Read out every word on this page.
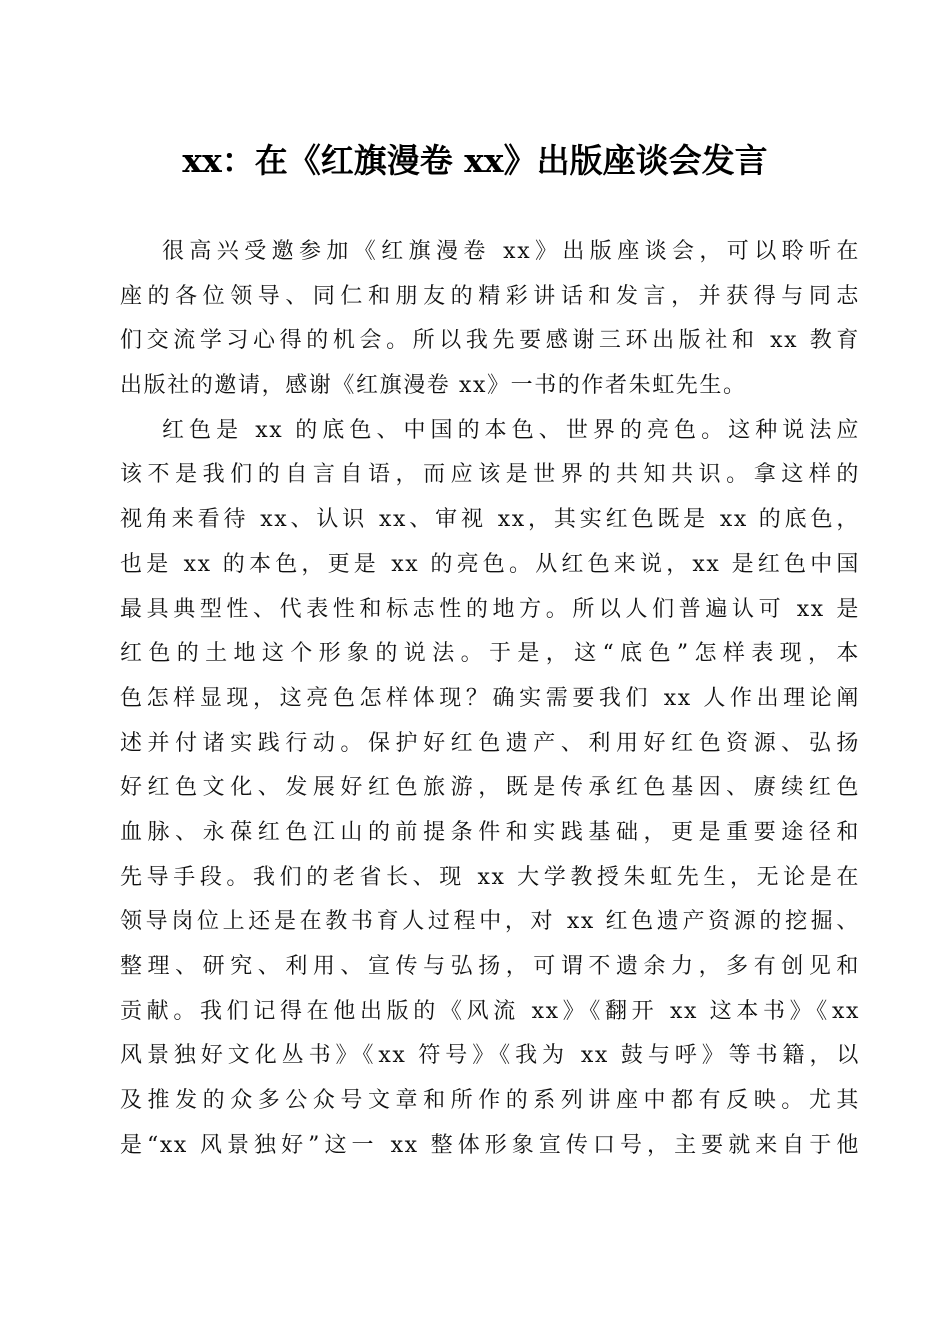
xx：在《红旗漫卷 xx》出版座谈会发言
很高兴受邀参加《红旗漫卷 xx》出版座谈会，可以聆听在
座的各位领导、同仁和朋友的精彩讲话和发言，并获得与同志
们交流学习心得的机会。所以我先要感谢三环出版社和 xx 教育
出版社的邀请，感谢《红旗漫卷 xx》一书的作者朱虹先生。
红色是 xx 的底色、中国的本色、世界的亮色。这种说法应
该不是我们的自言自语，而应该是世界的共知共识。拿这样的
视角来看待 xx、认识 xx、审视 xx，其实红色既是 xx 的底色，
也是 xx 的本色，更是 xx 的亮色。从红色来说，xx 是红色中国
最具典型性、代表性和标志性的地方。所以人们普遍认可 xx 是
红色的土地这个形象的说法。于是，这“底色”怎样表现，本
色怎样显现，这亮色怎样体现？确实需要我们 xx 人作出理论阐
述并付诸实践行动。保护好红色遗产、利用好红色资源、弘扬
好红色文化、发展好红色旅游，既是传承红色基因、赓续红色
血脉、永葆红色江山的前提条件和实践基础，更是重要途径和
先导手段。我们的老省长、现 xx 大学教授朱虹先生，无论是在
领导岗位上还是在教书育人过程中，对 xx 红色遗产资源的挖掘、
整理、研究、利用、宣传与弘扬，可谓不遗余力，多有创见和
贡献。我们记得在他出版的《风流 xx》《翻开 xx 这本书》《xx
风景独好文化丛书》《xx 符号》《我为 xx 鼓与呼》等书籍，以
及推发的众多公众号文章和所作的系列讲座中都有反映。尤其
是“xx 风景独好”这一 xx 整体形象宣传口号，主要就来自于他
